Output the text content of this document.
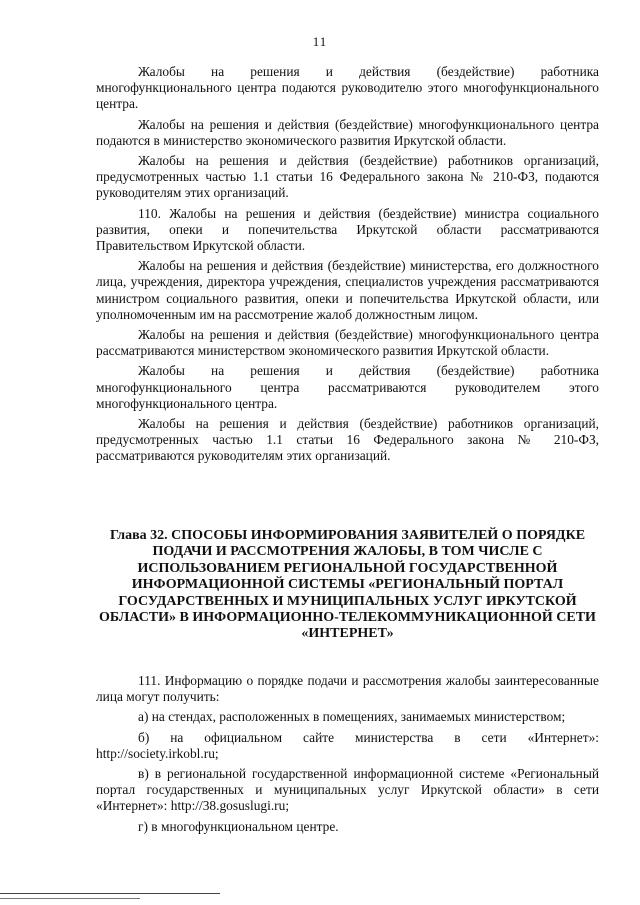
11

Жалобы на решения и действия (бездействие) работника многофункционального центра подаются руководителю этого многофункционального центра.

Жалобы на решения и действия (бездействие) многофункционального центра подаются в министерство экономического развития Иркутской области.

Жалобы на решения и действия (бездействие) работников организаций, предусмотренных частью 1.1 статьи 16 Федерального закона № 210-ФЗ, подаются руководителям этих организаций.

110. Жалобы на решения и действия (бездействие) министра социального развития, опеки и попечительства Иркутской области рассматриваются Правительством Иркутской области.

Жалобы на решения и действия (бездействие) министерства, его должностного лица, учреждения, директора учреждения, специалистов учреждения рассматриваются министром социального развития, опеки и попечительства Иркутской области, или уполномоченным им на рассмотрение жалоб должностным лицом.

Жалобы на решения и действия (бездействие) многофункционального центра рассматриваются министерством экономического развития Иркутской области.

Жалобы на решения и действия (бездействие) работника многофункционального центра рассматриваются руководителем этого многофункционального центра.

Жалобы на решения и действия (бездействие) работников организаций, предусмотренных частью 1.1 статьи 16 Федерального закона № 210-ФЗ, рассматриваются руководителям этих организаций.

Глава 32. СПОСОБЫ ИНФОРМИРОВАНИЯ ЗАЯВИТЕЛЕЙ О ПОРЯДКЕ ПОДАЧИ И РАССМОТРЕНИЯ ЖАЛОБЫ, В ТОМ ЧИСЛЕ С ИСПОЛЬЗОВАНИЕМ РЕГИОНАЛЬНОЙ ГОСУДАРСТВЕННОЙ ИНФОРМАЦИОННОЙ СИСТЕМЫ «РЕГИОНАЛЬНЫЙ ПОРТАЛ ГОСУДАРСТВЕННЫХ И МУНИЦИПАЛЬНЫХ УСЛУГ ИРКУТСКОЙ ОБЛАСТИ» В ИНФОРМАЦИОННО-ТЕЛЕКОММУНИКАЦИОННОЙ СЕТИ «ИНТЕРНЕТ»

111. Информацию о порядке подачи и рассмотрения жалобы заинтересованные лица могут получить:

а) на стендах, расположенных в помещениях, занимаемых министерством;

б) на официальном сайте министерства в сети «Интернет»: http://society.irkobl.ru;

в) в региональной государственной информационной системе «Региональный портал государственных и муниципальных услуг Иркутской области» в сети «Интернет»: http://38.gosuslugi.ru;

г) в многофункциональном центре.
